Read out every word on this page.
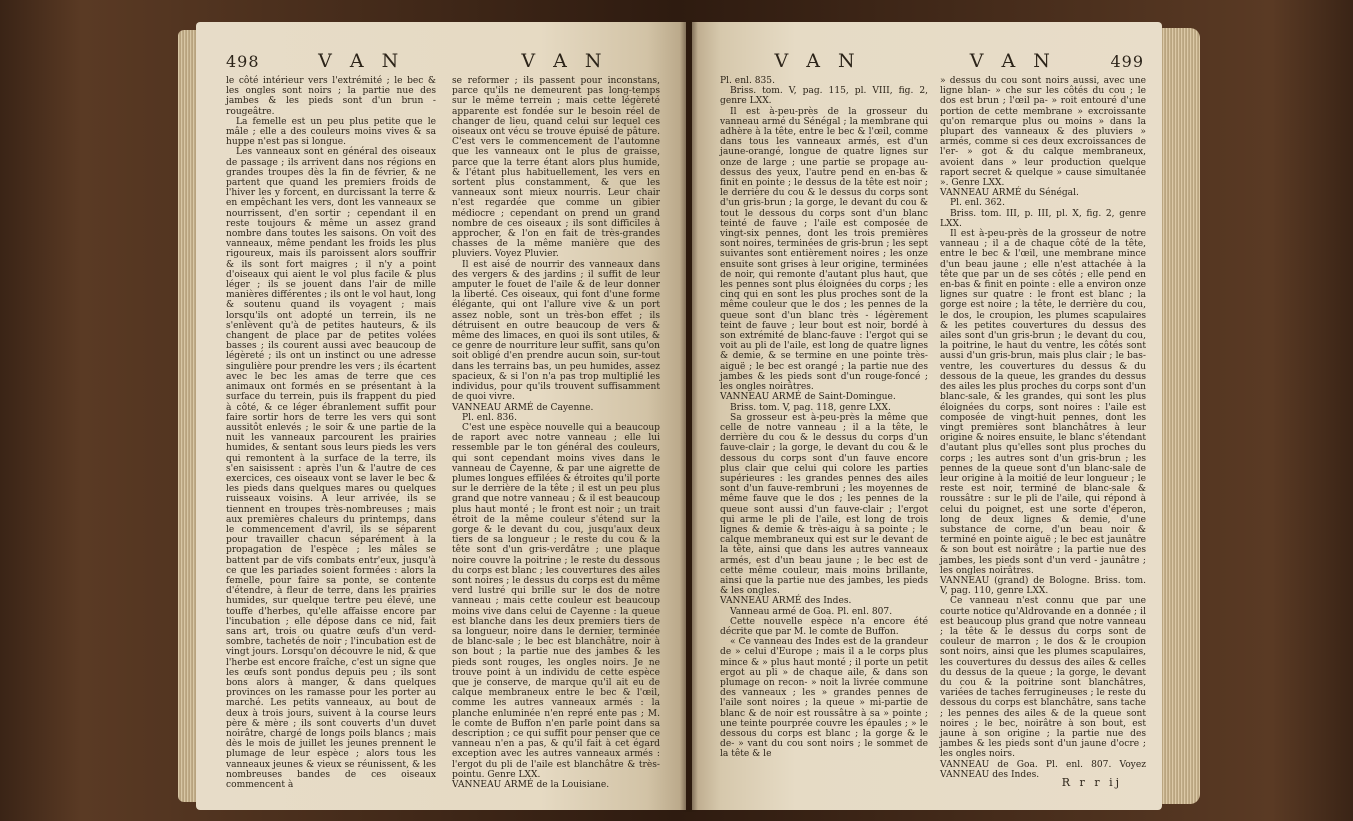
498	V A N	V A N

le côté intérieur vers l'extrémité ; le bec & les ongles sont noirs ; la partie nue des jambes & les pieds sont d'un brun - rougeâtre.

La femelle est un peu plus petite que le mâle ; elle a des couleurs moins vives & sa huppe n'est pas si longue.

Les vanneaux sont en général des oiseaux de passage ; ils arrivent dans nos régions en grandes troupes dès la fin de février, & ne partent que quand les premiers froids de l'hiver les y forcent, en durcissant la terre & en empêchant les vers, dont les vanneaux se nourrissent, d'en sortir ; cependant il en reste toujours & même un assez grand nombre dans toutes les saisons. On voit des vanneaux, même pendant les froids les plus rigoureux, mais ils paroissent alors souffrir & ils sont fort maigres ; il n'y a point d'oiseaux qui aient le vol plus facile & plus léger ; ils se jouent dans l'air de mille manières différentes ; ils ont le vol haut, long & soutenu quand ils voyagent ; mais lorsqu'ils ont adopté un terrein, ils ne s'enlèvent qu'à de petites hauteurs, & ils changent de place par de petites volées basses ; ils courent aussi avec beaucoup de légèreté ; ils ont un instinct ou une adresse singulière pour prendre les vers ; ils écartent avec le bec les amas de terre que ces animaux ont formés en se présentant à la surface du terrein, puis ils frappent du pied à côté, & ce léger ébranlement suffit pour faire sortir hors de terre les vers qui sont aussitôt enlevés ; le soir & une partie de la nuit les vanneaux parcourent les prairies humides, & sentant sous leurs pieds les vers qui remontent à la surface de la terre, ils s'en saisissent : après l'un & l'autre de ces exercices, ces oiseaux vont se laver le bec & les pieds dans quelques mares ou quelques ruisseaux voisins. A leur arrivée, ils se tiennent en troupes très-nombreuses ; mais aux premières chaleurs du printemps, dans le commencement d'avril, ils se séparent pour travailler chacun séparément à la propagation de l'espèce ; les mâles se battent par de vifs combats entr'eux, jusqu'à ce que les pariades soient formées : alors la femelle, pour faire sa ponte, se contente d'étendre, à fleur de terre, dans les prairies humides, sur quelque tertre peu élevé, une touffe d'herbes, qu'elle affaisse encore par l'incubation ; elle dépose dans ce nid, fait sans art, trois ou quatre œufs d'un verd-sombre, tachetés de noir ; l'incubation est de vingt jours. Lorsqu'on découvre le nid, & que l'herbe est encore fraîche, c'est un signe que les œufs sont pondus depuis peu ; ils sont bons alors à manger, & dans quelques provinces on les ramasse pour les porter au marché. Les petits vanneaux, au bout de deux à trois jours, suivent à la course leurs père & mère ; ils sont couverts d'un duvet noirâtre, chargé de longs poils blancs ; mais dès le mois de juillet les jeunes prennent le plumage de leur espèce ; alors tous les vanneaux jeunes & vieux se réunissent, & les nombreuses bandes de ces oiseaux commencent à

se reformer ; ils passent pour inconstans, parce qu'ils ne demeurent pas long-temps sur le même terrein ; mais cette légèreté apparente est fondée sur le besoin réel de changer de lieu, quand celui sur lequel ces oiseaux ont vécu se trouve épuisé de pâture. C'est vers le commencement de l'automne que les vanneaux ont le plus de graisse, parce que la terre étant alors plus humide, & l'étant plus habituellement, les vers en sortent plus constamment, & que les vanneaux sont mieux nourris. Leur chair n'est regardée que comme un gibier médiocre ; cependant on prend un grand nombre de ces oiseaux ; ils sont difficiles à approcher, & l'on en fait de très-grandes chasses de la même manière que des pluviers. Voyez Pluvier.

Il est aisé de nourrir des vanneaux dans des vergers & des jardins ; il suffit de leur amputer le fouet de l'aile & de leur donner la liberté. Ces oiseaux, qui font d'une forme élégante, qui ont l'allure vive & un port assez noble, sont un très-bon effet ; ils détruisent en outre beaucoup de vers & même des limaces, en quoi ils sont utiles, & ce genre de nourriture leur suffit, sans qu'on soit obligé d'en prendre aucun soin, sur-tout dans les terrains bas, un peu humides, assez spacieux, & si l'on n'a pas trop multiplié les individus, pour qu'ils trouvent suffisamment de quoi vivre.

VANNEAU ARMÉ de Cayenne.

Pl. enl. 836.

C'est une espèce nouvelle qui a beaucoup de raport avec notre vanneau ; elle lui ressemble par le ton général des couleurs, qui sont cependant moins vives dans le vanneau de Cayenne, & par une aigrette de plumes longues effilées & étroites qu'il porte sur le derrière de la tête ; il est un peu plus grand que notre vanneau ; & il est beaucoup plus haut monté ; le front est noir ; un trait étroit de la même couleur s'étend sur la gorge & le devant du cou, jusqu'aux deux tiers de sa longueur ; le reste du cou & la tête sont d'un gris-verdâtre ; une plaque noire couvre la poitrine ; le reste du dessous du corps est blanc ; les couvertures des ailes sont noires ; le dessus du corps est du même verd lustré qui brille sur le dos de notre vanneau ; mais cette couleur est beaucoup moins vive dans celui de Cayenne : la queue est blanche dans les deux premiers tiers de sa longueur, noire dans le dernier, terminée de blanc-sale ; le bec est blanchâtre, noir à son bout ; la partie nue des jambes & les pieds sont rouges, les ongles noirs. Je ne trouve point à un individu de cette espèce que je conserve, de marque qu'il ait eu de calque membraneux entre le bec & l'œil, comme les autres vanneaux armés : la planche enluminée n'en repré ente pas ; M. le comte de Buffon n'en parle point dans sa description ; ce qui suffit pour penser que ce vanneau n'en a pas, & qu'il fait à cet égard exception avec les autres vanneaux armés : l'ergot du pli de l'aile est blanchâtre & très-pointu. Genre LXX.

VANNEAU ARMÉ de la Louisiane.

V A N	V A N	499

Pl. enl. 835.

Briss. tom. V, pag. 115, pl. VIII, fig. 2, genre LXX.

Il est à-peu-près de la grosseur du vanneau armé du Sénégal ; la membrane qui adhère à la tête, entre le bec & l'œil, comme dans tous les vanneaux armés, est d'un jaune-orangé, longue de quatre lignes sur onze de large ; une partie se propage au-dessus des yeux, l'autre pend en en-bas & finit en pointe ; le dessus de la tête est noir ; le derrière du cou & le dessus du corps sont d'un gris-brun ; la gorge, le devant du cou & tout le dessous du corps sont d'un blanc teinté de fauve ; l'aile est composée de vingt-six pennes, dont les trois premières sont noires, terminées de gris-brun ; les sept suivantes sont entièrement noires ; les onze ensuite sont grises à leur origine, terminées de noir, qui remonte d'autant plus haut, que les pennes sont plus éloignées du corps ; les cinq qui en sont les plus proches sont de la même couleur que le dos ; les pennes de la queue sont d'un blanc très - légèrement teint de fauve ; leur bout est noir, bordé à son extrémité de blanc-fauve : l'ergot qui se voit au pli de l'aile, est long de quatre lignes & demie, & se termine en une pointe très-aiguë ; le bec est orangé ; la partie nue des jambes & les pieds sont d'un rouge-foncé ; les ongles noirâtres.

VANNEAU ARMÉ de Saint-Domingue.

Briss. tom. V, pag. 118, genre LXX.

Sa grosseur est à-peu-près la même que celle de notre vanneau ; il a la tête, le derrière du cou & le dessus du corps d'un fauve-clair ; la gorge, le devant du cou & le dessous du corps sont d'un fauve encore plus clair que celui qui colore les parties supérieures : les grandes pennes des ailes sont d'un fauve-rembruni ; les moyennes de même fauve que le dos ; les pennes de la queue sont aussi d'un fauve-clair ; l'ergot qui arme le pli de l'aile, est long de trois lignes & demie & très-aigu à sa pointe ; le calque membraneux qui est sur le devant de la tête, ainsi que dans les autres vanneaux armés, est d'un beau jaune ; le bec est de cette même couleur, mais moins brillante, ainsi que la partie nue des jambes, les pieds & les ongles.

VANNEAU ARMÉ des Indes.

Vanneau armé de Goa. Pl. enl. 807.

Cette nouvelle espèce n'a encore été décrite que par M. le comte de Buffon.

« Ce vanneau des Indes est de la grandeur de » celui d'Europe ; mais il a le corps plus mince & » plus haut monté ; il porte un petit ergot au pli » de chaque aile, & dans son plumage on recon- » noit la livrée commune des vanneaux ; les » grandes pennes de l'aile sont noires ; la queue » mi-partie de blanc & de noir est roussâtre à sa » pointe ; une teinte pourprée couvre les épaules ; » le dessous du corps est blanc ; la gorge & le de- » vant du cou sont noirs ; le sommet de la tête & le

» dessus du cou sont noirs aussi, avec une ligne blan- » che sur les côtés du cou ; le dos est brun ; l'œil pa- » roit entouré d'une portion de cette membrane » excroissante qu'on remarque plus ou moins » dans la plupart des vanneaux & des pluviers » armés, comme si ces deux excroissances de l'er- » got & du calque membraneux, avoient dans » leur production quelque raport secret & quelque » cause simultanée ». Genre LXX.

VANNEAU ARMÉ du Sénégal.

Pl. enl. 362.

Briss. tom. III, p. III, pl. X, fig. 2, genre LXX.

Il est à-peu-près de la grosseur de notre vanneau ; il a de chaque côté de la tête, entre le bec & l'œil, une membrane mince d'un beau jaune ; elle n'est attachée à la tête que par un de ses côtés ; elle pend en en-bas & finit en pointe : elle a environ onze lignes sur quatre : le front est blanc ; la gorge est noire ; la tête, le derrière du cou, le dos, le croupion, les plumes scapulaires & les petites couvertures du dessus des ailes sont d'un gris-brun ; le devant du cou, la poitrine, le haut du ventre, les côtés sont aussi d'un gris-brun, mais plus clair ; le bas-ventre, les couvertures du dessus & du dessous de la queue, les grandes du dessus des ailes les plus proches du corps sont d'un blanc-sale, & les grandes, qui sont les plus éloignées du corps, sont noires : l'aile est composée de vingt-huit pennes, dont les vingt premières sont blanchâtres à leur origine & noires ensuite, le blanc s'étendant d'autant plus qu'elles sont plus proches du corps ; les autres sont d'un gris-brun ; les pennes de la queue sont d'un blanc-sale de leur origine à la moitié de leur longueur ; le reste est noir, terminé de blanc-sale & roussâtre : sur le pli de l'aile, qui répond à celui du poignet, est une sorte d'éperon, long de deux lignes & demie, d'une substance de corne, d'un beau noir & terminé en pointe aiguë ; le bec est jaunâtre & son bout est noirâtre ; la partie nue des jambes, les pieds sont d'un verd - jaunâtre ; les ongles noirâtres.

VANNEAU (grand) de Bologne. Briss. tom. V, pag. 110, genre LXX.

Ce vanneau n'est connu que par une courte notice qu'Aldrovande en a donnée ; il est beaucoup plus grand que notre vanneau ; la tête & le dessus du corps sont de couleur de marron ; le dos & le croupion sont noirs, ainsi que les plumes scapulaires, les couvertures du dessus des ailes & celles du dessus de la queue ; la gorge, le devant du cou & la poitrine sont blanchâtres, variées de taches ferrugineuses ; le reste du dessous du corps est blanchâtre, sans tache ; les pennes des ailes & de la queue sont noires ; le bec, noirâtre à son bout, est jaune à son origine ; la partie nue des jambes & les pieds sont d'un jaune d'ocre ; les ongles noirs.

VANNEAU de Goa. Pl. enl. 807. Voyez VANNEAU des Indes.

R r r ij
